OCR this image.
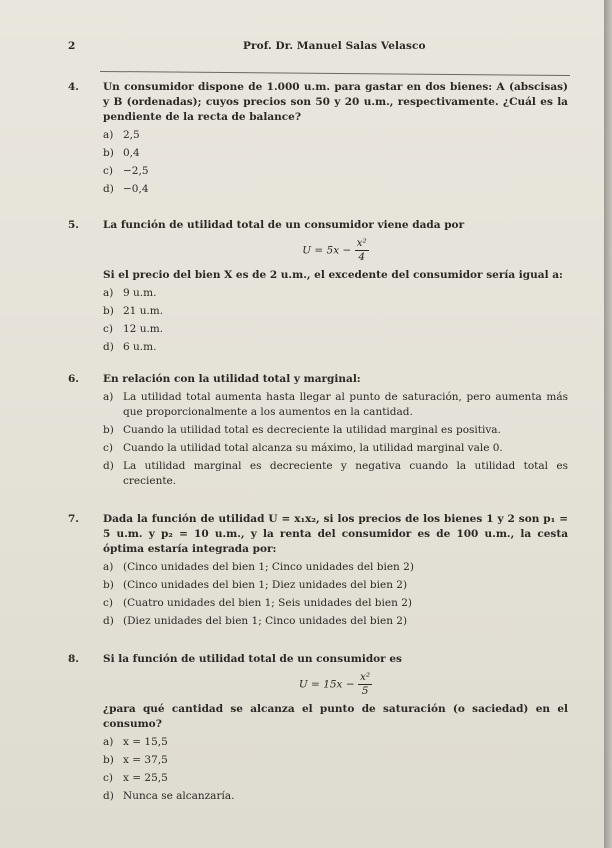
2	Prof. Dr. Manuel Salas Velasco
4. Un consumidor dispone de 1.000 u.m. para gastar en dos bienes: A (abscisas) y B (ordenadas); cuyos precios son 50 y 20 u.m., respectivamente. ¿Cuál es la pendiente de la recta de balance?
a) 2,5
b) 0,4
c) −2,5
d) −0,4
5. La función de utilidad total de un consumidor viene dada por
$U = 5x - \frac{\text{x²}}{4}$
Si el precio del bien X es de 2 u.m., el excedente del consumidor sería igual a:
a) 9 u.m.
b) 21 u.m.
c) 12 u.m.
d) 6 u.m.
6. En relación con la utilidad total y marginal:
a) La utilidad total aumenta hasta llegar al punto de saturación, pero aumenta más que proporcionalmente a los aumentos en la cantidad.
b) Cuando la utilidad total es decreciente la utilidad marginal es positiva.
c) Cuando la utilidad total alcanza su máximo, la utilidad marginal vale 0.
d) La utilidad marginal es decreciente y negativa cuando la utilidad total es creciente.
7. Dada la función de utilidad U = x₁x₂, si los precios de los bienes 1 y 2 son p₁ = 5 u.m. y p₂ = 10 u.m., y la renta del consumidor es de 100 u.m., la cesta óptima estaría integrada por:
a) (Cinco unidades del bien 1; Cinco unidades del bien 2)
b) (Cinco unidades del bien 1; Diez unidades del bien 2)
c) (Cuatro unidades del bien 1; Seis unidades del bien 2)
d) (Diez unidades del bien 1; Cinco unidades del bien 2)
8. Si la función de utilidad total de un consumidor es
$U = 15x - \frac{\text{x²}}{5}$
¿para qué cantidad se alcanza el punto de saturación (o saciedad) en el consumo?
a) x = 15,5
b) x = 37,5
c) x = 25,5
d) Nunca se alcanzaría.
